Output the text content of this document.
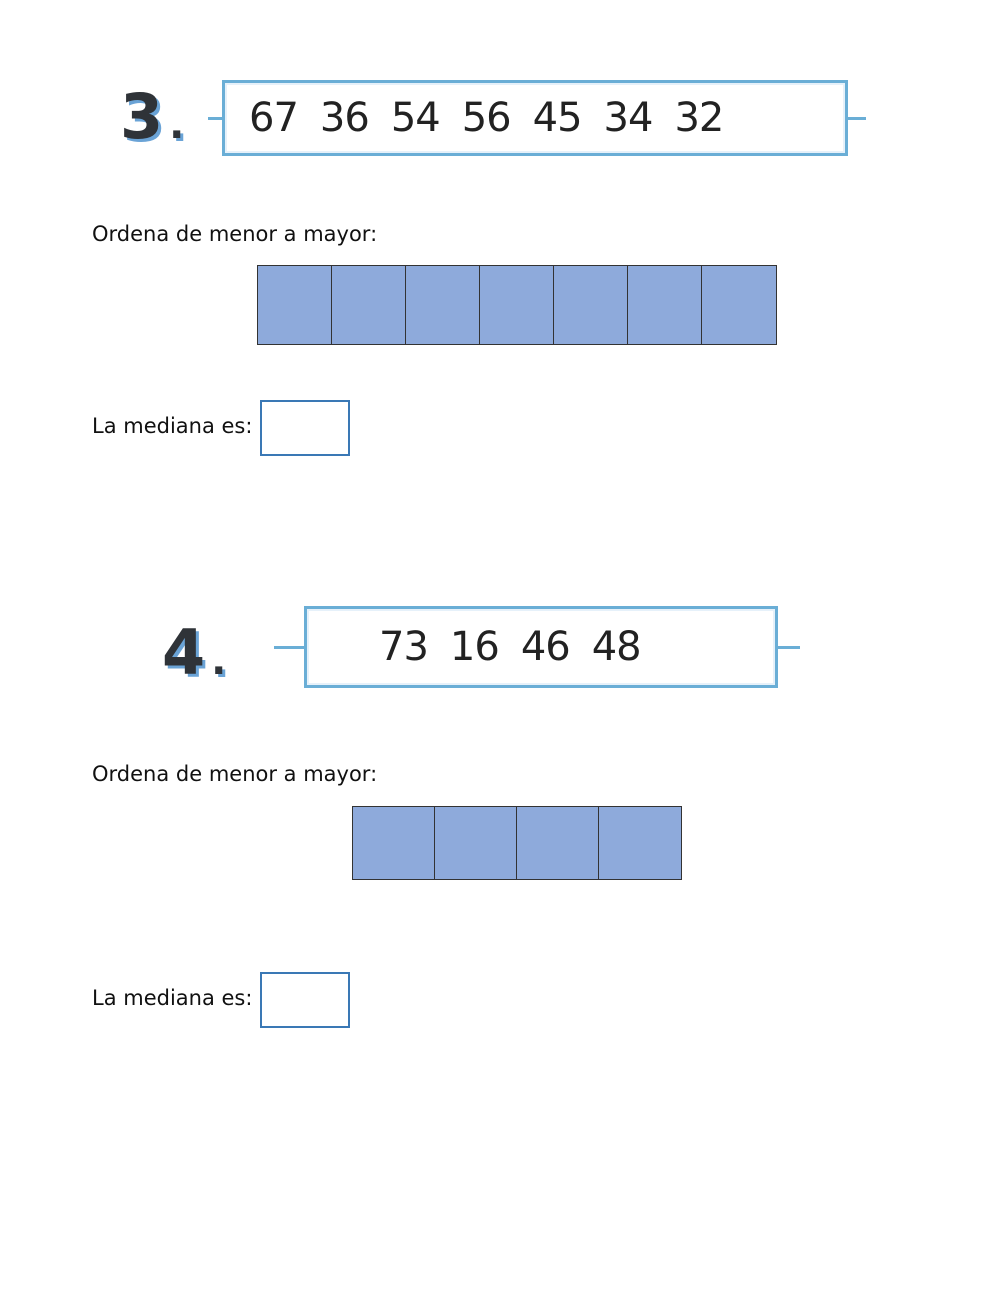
3 . 67 36 54 56 45 34 32
Ordena de menor a mayor:
La mediana es:
4 .	73 16 46 48
Ordena de menor a mayor:
La mediana es:
